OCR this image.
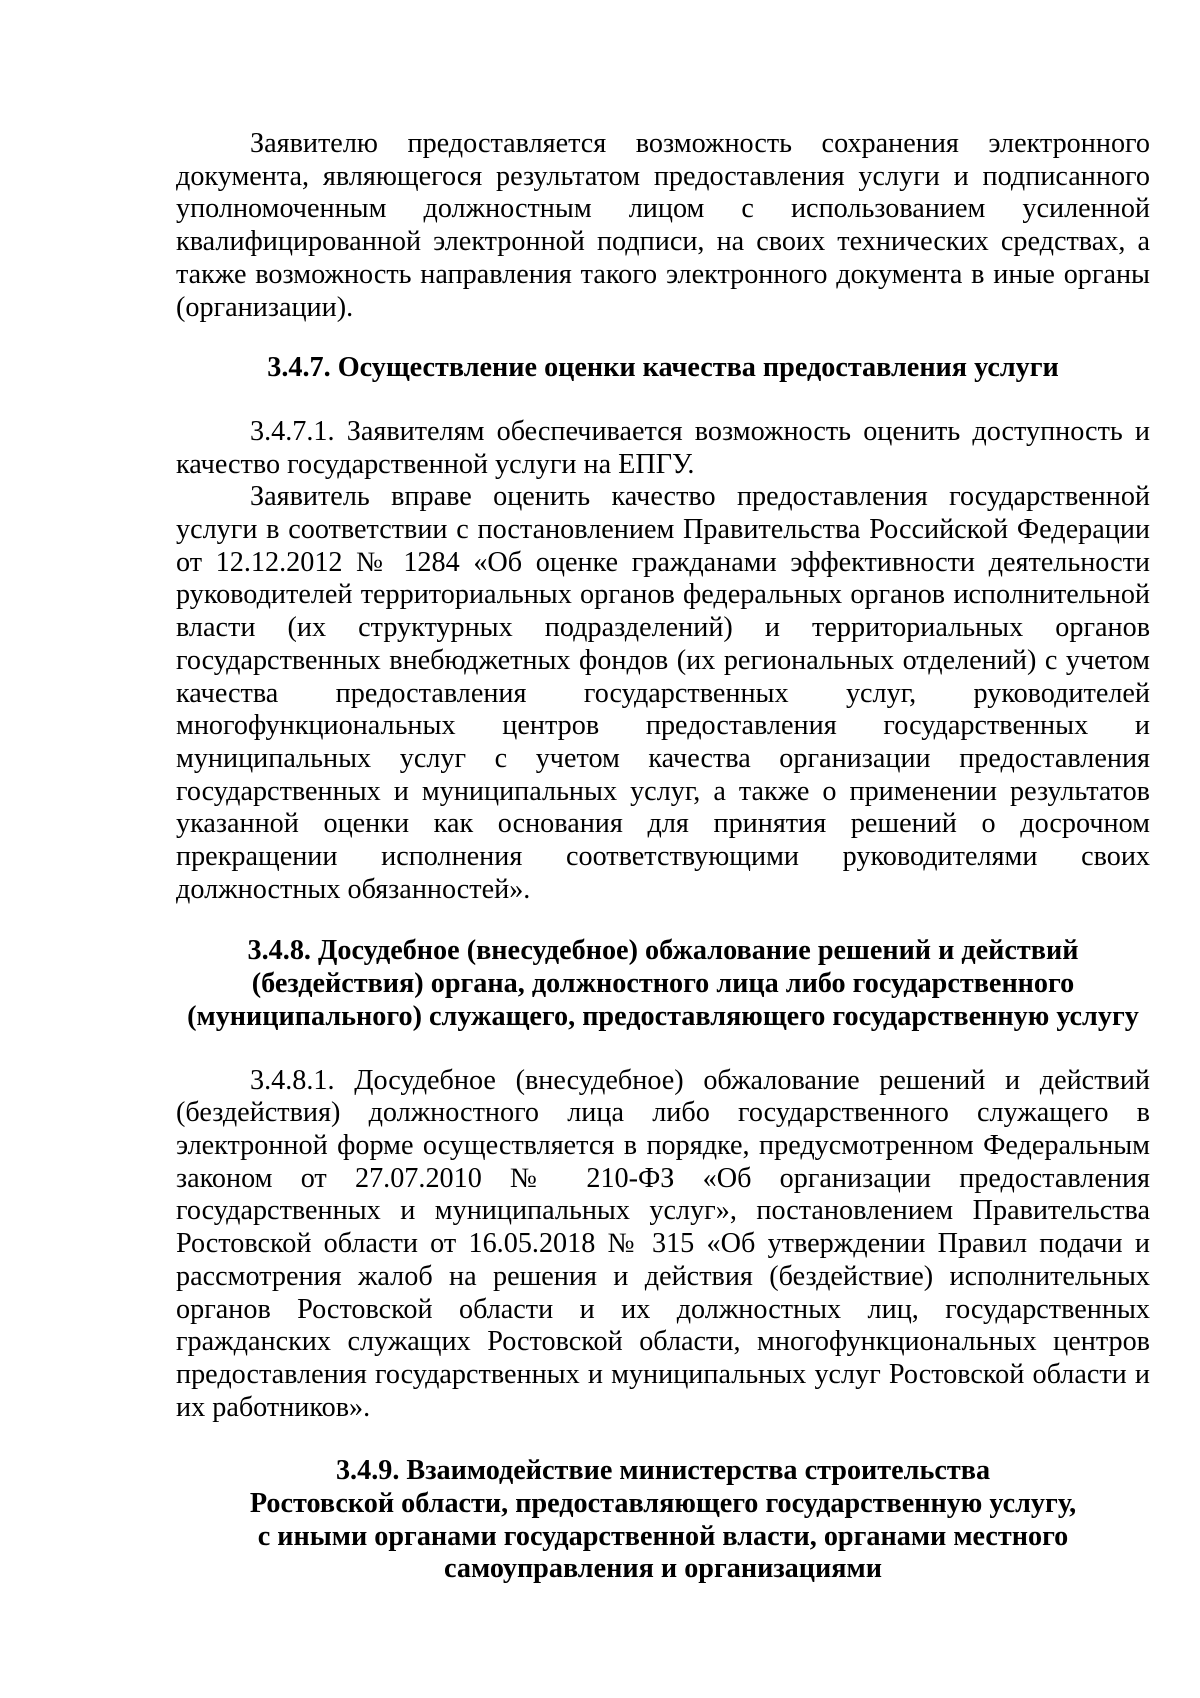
Заявителю предоставляется возможность сохранения электронного документа, являющегося результатом предоставления услуги и подписанного уполномоченным должностным лицом с использованием усиленной квалифицированной электронной подписи, на своих технических средствах, а также возможность направления такого электронного документа в иные органы (организации).

3.4.7. Осуществление оценки качества предоставления услуги

3.4.7.1. Заявителям обеспечивается возможность оценить доступность и качество государственной услуги на ЕПГУ.

Заявитель вправе оценить качество предоставления государственной услуги в соответствии с постановлением Правительства Российской Федерации от 12.12.2012 № 1284 «Об оценке гражданами эффективности деятельности руководителей территориальных органов федеральных органов исполнительной власти (их структурных подразделений) и территориальных органов государственных внебюджетных фондов (их региональных отделений) с учетом качества предоставления государственных услуг, руководителей многофункциональных центров предоставления государственных и муниципальных услуг с учетом качества организации предоставления государственных и муниципальных услуг, а также о применении результатов указанной оценки как основания для принятия решений о досрочном прекращении исполнения соответствующими руководителями своих должностных обязанностей».

3.4.8. Досудебное (внесудебное) обжалование решений и действий
(бездействия) органа, должностного лица либо государственного
(муниципального) служащего, предоставляющего государственную услугу

3.4.8.1. Досудебное (внесудебное) обжалование решений и действий (бездействия) должностного лица либо государственного служащего в электронной форме осуществляется в порядке, предусмотренном Федеральным законом от 27.07.2010 № 210-ФЗ «Об организации предоставления государственных и муниципальных услуг», постановлением Правительства Ростовской области от 16.05.2018 № 315 «Об утверждении Правил подачи и рассмотрения жалоб на решения и действия (бездействие) исполнительных органов Ростовской области и их должностных лиц, государственных гражданских служащих Ростовской области, многофункциональных центров предоставления государственных и муниципальных услуг Ростовской области и их работников».

3.4.9. Взаимодействие министерства строительства
Ростовской области, предоставляющего государственную услугу,
с иными органами государственной власти, органами местного
самоуправления и организациями
